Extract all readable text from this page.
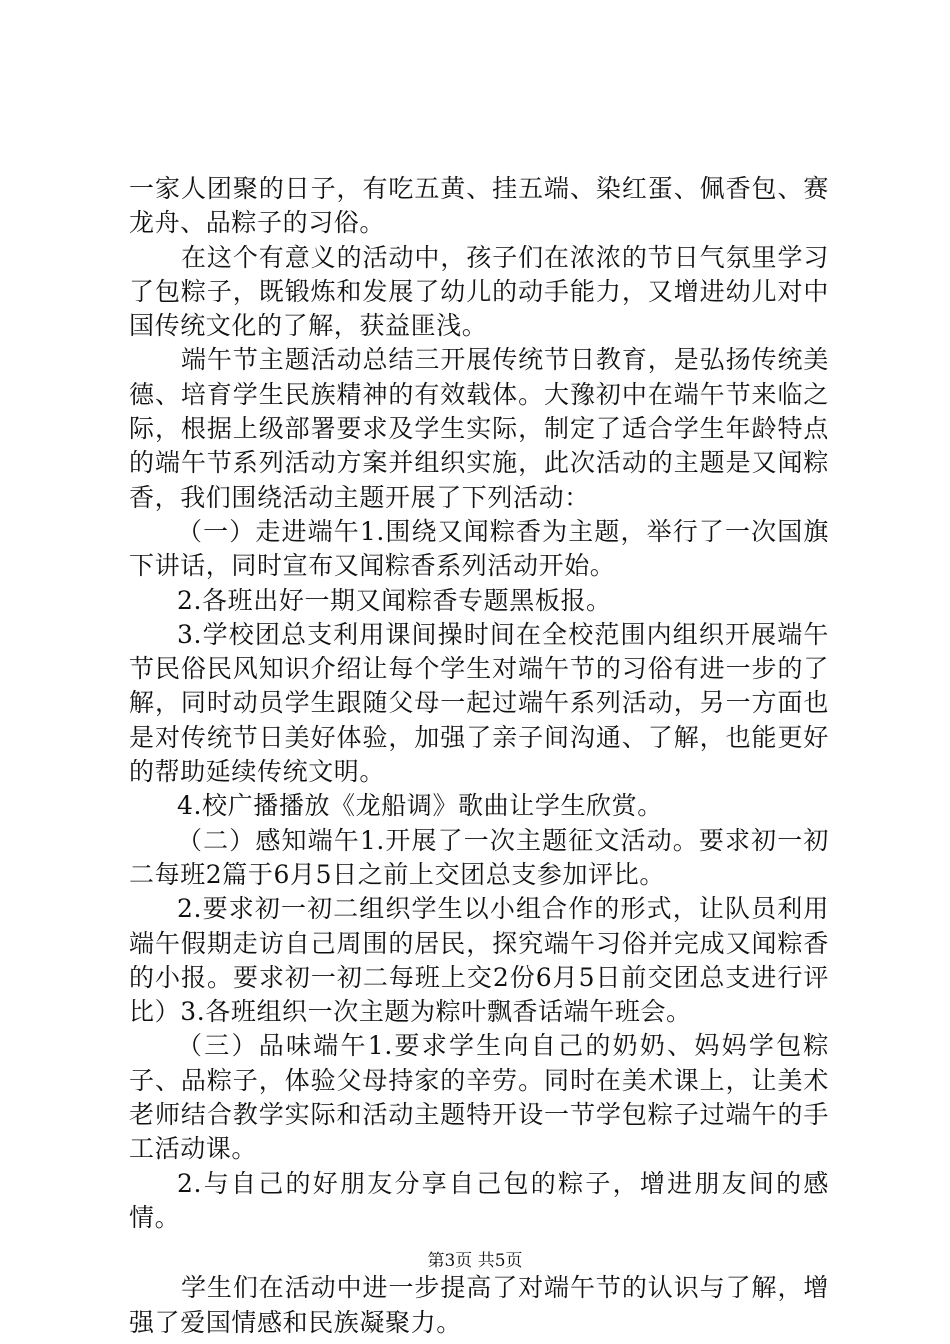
一家人团聚的日子，有吃五黄、挂五端、染红蛋、佩香包、赛龙舟、品粽子的习俗。

在这个有意义的活动中，孩子们在浓浓的节日气氛里学习了包粽子，既锻炼和发展了幼儿的动手能力，又增进幼儿对中国传统文化的了解，获益匪浅。

端午节主题活动总结三开展传统节日教育，是弘扬传统美德、培育学生民族精神的有效载体。大豫初中在端午节来临之际，根据上级部署要求及学生实际，制定了适合学生年龄特点的端午节系列活动方案并组织实施，此次活动的主题是又闻粽香，我们围绕活动主题开展了下列活动：

（一）走进端午1.围绕又闻粽香为主题，举行了一次国旗下讲话，同时宣布又闻粽香系列活动开始。

2.各班出好一期又闻粽香专题黑板报。

3.学校团总支利用课间操时间在全校范围内组织开展端午节民俗民风知识介绍让每个学生对端午节的习俗有进一步的了解，同时动员学生跟随父母一起过端午系列活动，另一方面也是对传统节日美好体验，加强了亲子间沟通、了解，也能更好的帮助延续传统文明。

4.校广播播放《龙船调》歌曲让学生欣赏。

（二）感知端午1.开展了一次主题征文活动。要求初一初二每班2篇于6月5日之前上交团总支参加评比。

2.要求初一初二组织学生以小组合作的形式，让队员利用端午假期走访自己周围的居民，探究端午习俗并完成又闻粽香的小报。要求初一初二每班上交2份6月5日前交团总支进行评比）3.各班组织一次主题为粽叶飘香话端午班会。

（三）品味端午1.要求学生向自己的奶奶、妈妈学包粽子、品粽子，体验父母持家的辛劳。同时在美术课上，让美术老师结合教学实际和活动主题特开设一节学包粽子过端午的手工活动课。

2.与自己的好朋友分享自己包的粽子，增进朋友间的感情。

学生们在活动中进一步提高了对端午节的认识与了解，增强了爱国情感和民族凝聚力。

第3页 共5页
